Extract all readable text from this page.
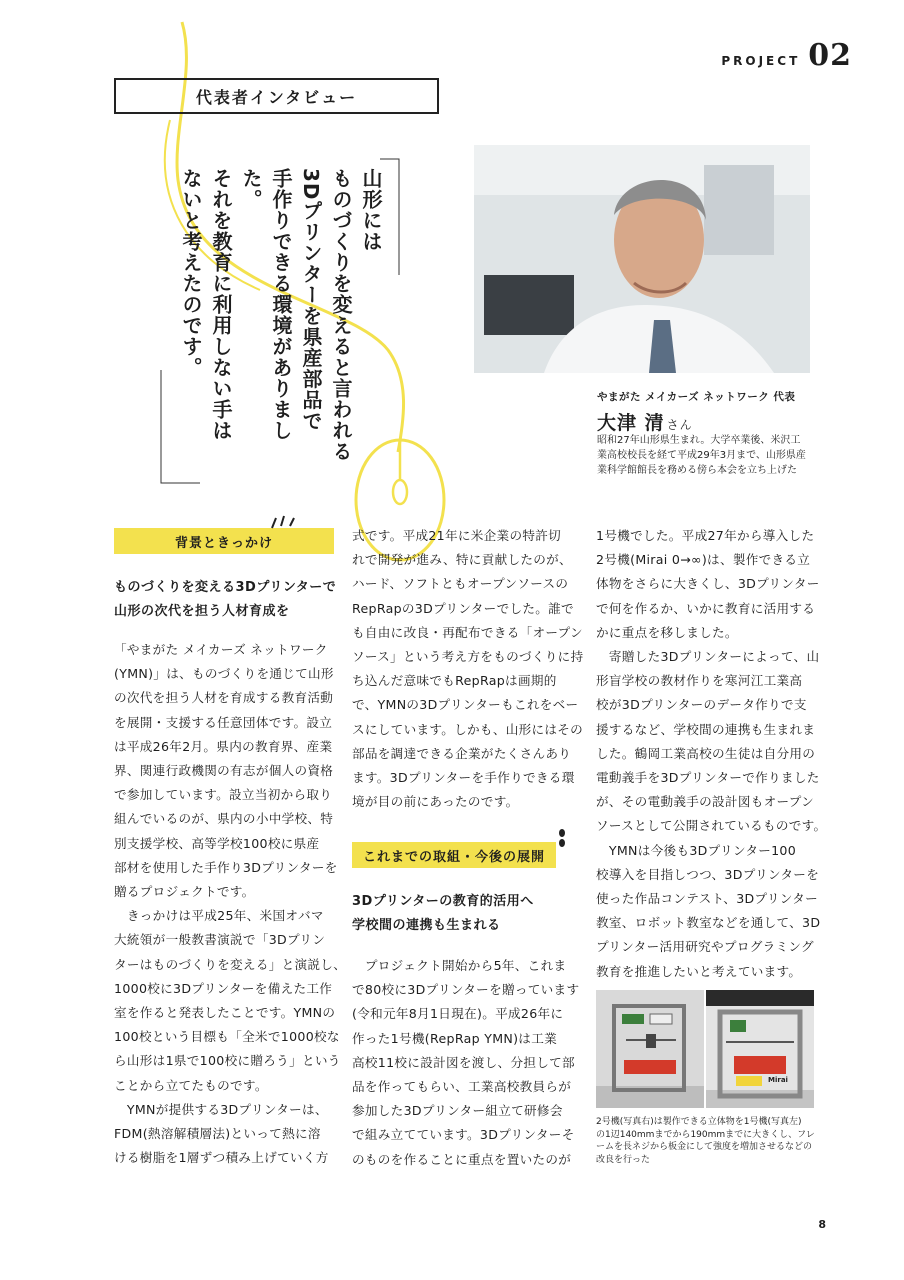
PROJECT 02
代表者インタビュー
山形には
ものづくりを変えると言われる
3Dプリンターを県産部品で
手作りできる環境がありました。
それを教育に利用しない手は
ないと考えたのです。
やまがた メイカーズ ネットワーク 代表
大津 清 さん
昭和27年山形県生まれ。大学卒業後、米沢工
業高校校長を経て平成29年3月まで、山形県産
業科学館館長を務める傍ら本会を立ち上げた
背景ときっかけ
ものづくりを変える3Dプリンターで
山形の次代を担う人材育成を
「やまがた メイカーズ ネットワーク
(YMN)」は、ものづくりを通じて山形
の次代を担う人材を育成する教育活動
を展開・支援する任意団体です。設立
は平成26年2月。県内の教育界、産業
界、関連行政機関の有志が個人の資格
で参加しています。設立当初から取り
組んでいるのが、県内の小中学校、特
別支援学校、高等学校100校に県産
部材を使用した手作り3Dプリンターを
贈るプロジェクトです。
　きっかけは平成25年、米国オバマ
大統領が一般教書演説で「3Dプリン
ターはものづくりを変える」と演説し、
1000校に3Dプリンターを備えた工作
室を作ると発表したことです。YMNの
100校という目標も「全米で1000校な
ら山形は1県で100校に贈ろう」という
ことから立てたものです。
　YMNが提供する3Dプリンターは、
FDM(熱溶解積層法)といって熱に溶
ける樹脂を1層ずつ積み上げていく方
式です。平成21年に米企業の特許切
れで開発が進み、特に貢献したのが、
ハード、ソフトともオープンソースの
RepRapの3Dプリンターでした。誰で
も自由に改良・再配布できる「オープン
ソース」という考え方をものづくりに持
ち込んだ意味でもRepRapは画期的
で、YMNの3Dプリンターもこれをベー
スにしています。しかも、山形にはその
部品を調達できる企業がたくさんあり
ます。3Dプリンターを手作りできる環
境が目の前にあったのです。
これまでの取組・今後の展開
3Dプリンターの教育的活用へ
学校間の連携も生まれる
　プロジェクト開始から5年、これま
で80校に3Dプリンターを贈っています
(令和元年8月1日現在)。平成26年に
作った1号機(RepRap YMN)は工業
高校11校に設計図を渡し、分担して部
品を作ってもらい、工業高校教員らが
参加した3Dプリンター組立て研修会
で組み立てています。3Dプリンターそ
のものを作ることに重点を置いたのが
1号機でした。平成27年から導入した
2号機(Mirai 0→∞)は、製作できる立
体物をさらに大きくし、3Dプリンター
で何を作るか、いかに教育に活用する
かに重点を移しました。
　寄贈した3Dプリンターによって、山
形盲学校の教材作りを寒河江工業高
校が3Dプリンターのデータ作りで支
援するなど、学校間の連携も生まれま
した。鶴岡工業高校の生徒は自分用の
電動義手を3Dプリンターで作りました
が、その電動義手の設計図もオープン
ソースとして公開されているものです。
　YMNは今後も3Dプリンター100
校導入を目指しつつ、3Dプリンターを
使った作品コンテスト、3Dプリンター
教室、ロボット教室などを通して、3D
プリンター活用研究やプログラミング
教育を推進したいと考えています。
Mirai
2号機(写真右)は製作できる立体物を1号機(写真左)
の1辺140mmまでから190mmまでに大きくし、フレ
ームを長ネジから板金にして強度を増加させるなどの
改良を行った
8
